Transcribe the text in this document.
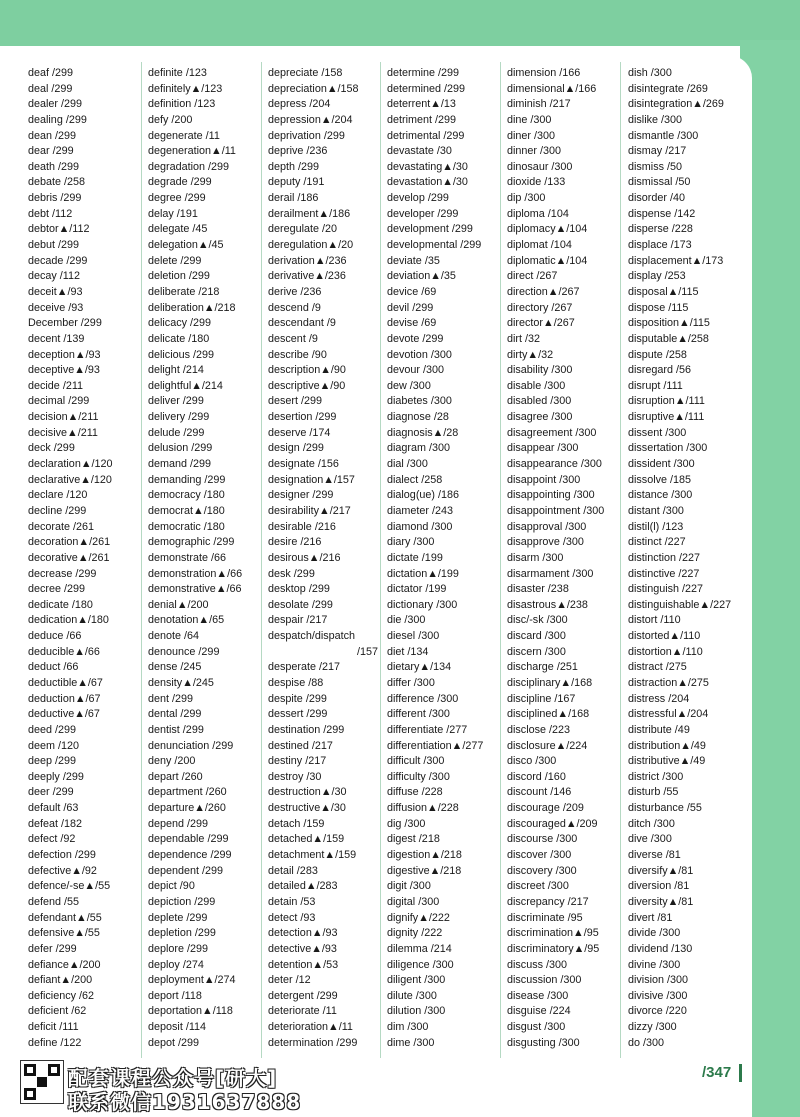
deaf /299
deal /299
dealer /299
dealing /299
dean /299
dear /299
death /299
debate /258
debris /299
debt /112
debtor▲/112
debut /299
decade /299
decay /112
deceit▲/93
deceive /93
December /299
decent /139
deception▲/93
deceptive▲/93
decide /211
decimal /299
decision▲/211
decisive▲/211
deck /299
declaration▲/120
declarative▲/120
declare /120
decline /299
decorate /261
decoration▲/261
decorative▲/261
decrease /299
decree /299
dedicate /180
dedication▲/180
deduce /66
deducible▲/66
deduct /66
deductible▲/67
deduction▲/67
deductive▲/67
deed /299
deem /120
deep /299
deeply /299
deer /299
default /63
defeat /182
defect /92
defection /299
defective▲/92
defence/-se▲/55
defend /55
defendant▲/55
defensive▲/55
defer /299
defiance▲/200
defiant▲/200
deficiency /62
deficient /62
deficit /111
define /122
definite /123
definitely▲/123
definition /123
defy /200
degenerate /11
degeneration▲/11
degradation /299
degrade /299
degree /299
delay /191
delegate /45
delegation▲/45
delete /299
deletion /299
deliberate /218
deliberation▲/218
delicacy /299
delicate /180
delicious /299
delight /214
delightful▲/214
deliver /299
delivery /299
delude /299
delusion /299
demand /299
demanding /299
democracy /180
democrat▲/180
democratic /180
demographic /299
demonstrate /66
demonstration▲/66
demonstrative▲/66
denial▲/200
denotation▲/65
denote /64
denounce /299
dense /245
density▲/245
dent /299
dental /299
dentist /299
denunciation /299
deny /200
depart /260
department /260
departure▲/260
depend /299
dependable /299
dependence /299
dependent /299
depict /90
depiction /299
deplete /299
depletion /299
deplore /299
deploy /274
deployment▲/274
deport /118
deportation▲/118
deposit /114
depot /299
depreciate /158
depreciation▲/158
depress /204
depression▲/204
deprivation /299
deprive /236
depth /299
deputy /191
derail /186
derailment▲/186
deregulate /20
deregulation▲/20
derivation▲/236
derivative▲/236
derive /236
descend /9
descendant /9
descent /9
describe /90
description▲/90
descriptive▲/90
desert /299
desertion /299
deserve /174
design /299
designate /156
designation▲/157
designer /299
desirability▲/217
desirable /216
desire /216
desirous▲/216
desk /299
desktop /299
desolate /299
despair /217
despatch/dispatch
/157
desperate /217
despise /88
despite /299
dessert /299
destination /299
destined /217
destiny /217
destroy /30
destruction▲/30
destructive▲/30
detach /159
detached▲/159
detachment▲/159
detail /283
detailed▲/283
detain /53
detect /93
detection▲/93
detective▲/93
detention▲/53
deter /12
detergent /299
deteriorate /11
deterioration▲/11
determination /299
determine /299
determined /299
deterrent▲/13
detriment /299
detrimental /299
devastate /30
devastating▲/30
devastation▲/30
develop /299
developer /299
development /299
developmental /299
deviate /35
deviation▲/35
device /69
devil /299
devise /69
devote /299
devotion /300
devour /300
dew /300
diabetes /300
diagnose /28
diagnosis▲/28
diagram /300
dial /300
dialect /258
dialog(ue) /186
diameter /243
diamond /300
diary /300
dictate /199
dictation▲/199
dictator /199
dictionary /300
die /300
diesel /300
diet /134
dietary▲/134
differ /300
difference /300
different /300
differentiate /277
differentiation▲/277
difficult /300
difficulty /300
diffuse /228
diffusion▲/228
dig /300
digest /218
digestion▲/218
digestive▲/218
digit /300
digital /300
dignify▲/222
dignity /222
dilemma /214
diligence /300
diligent /300
dilute /300
dilution /300
dim /300
dime /300
dimension /166
dimensional▲/166
diminish /217
dine /300
diner /300
dinner /300
dinosaur /300
dioxide /133
dip /300
diploma /104
diplomacy▲/104
diplomat /104
diplomatic▲/104
direct /267
direction▲/267
directory /267
director▲/267
dirt /32
dirty▲/32
disability /300
disable /300
disabled /300
disagree /300
disagreement /300
disappear /300
disappearance /300
disappoint /300
disappointing /300
disappointment /300
disapproval /300
disapprove /300
disarm /300
disarmament /300
disaster /238
disastrous▲/238
disc/-sk /300
discard /300
discern /300
discharge /251
disciplinary▲/168
discipline /167
disciplined▲/168
disclose /223
disclosure▲/224
disco /300
discord /160
discount /146
discourage /209
discouraged▲/209
discourse /300
discover /300
discovery /300
discreet /300
discrepancy /217
discriminate /95
discrimination▲/95
discriminatory▲/95
discuss /300
discussion /300
disease /300
disguise /224
disgust /300
disgusting /300
dish /300
disintegrate /269
disintegration▲/269
dislike /300
dismantle /300
dismay /217
dismiss /50
dismissal /50
disorder /40
dispense /142
disperse /228
displace /173
displacement▲/173
display /253
disposal▲/115
dispose /115
disposition▲/115
disputable▲/258
dispute /258
disregard /56
disrupt /111
disruption▲/111
disruptive▲/111
dissent /300
dissertation /300
dissident /300
dissolve /185
distance /300
distant /300
distil(l) /123
distinct /227
distinction /227
distinctive /227
distinguish /227
distinguishable▲/227
distort /110
distorted▲/110
distortion▲/110
distract /275
distraction▲/275
distress /204
distressful▲/204
distribute /49
distribution▲/49
distributive▲/49
district /300
disturb /55
disturbance /55
ditch /300
dive /300
diverse /81
diversify▲/81
diversion /81
diversity▲/81
divert /81
divide /300
dividend /130
divine /300
division /300
divisive /300
divorce /220
dizzy /300
do /300
配套课程公众号[研大]
联系微信1931637888
/347
